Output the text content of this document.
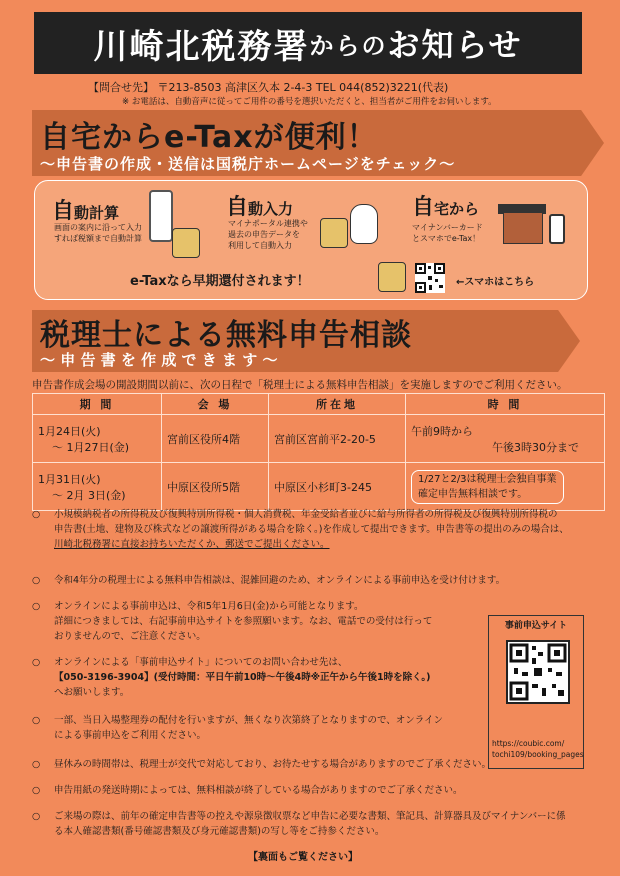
川崎北税務署 からの お知らせ
【問合せ先】 〒213-8503 高津区久本 2-4-3 TEL 044(852)3221(代表)
※ お電話は、自動音声に従ってご用件の番号を選択いただくと、担当者がご用件をお伺いします。
自宅からe-Taxが便利！
〜申告書の作成・送信は国税庁ホームページをチェック〜
自動計算
画面の案内に沿って入力
すれば税額まで自動計算
自動入力
マイナポータル連携や
過去の申告データを
利用して自動入力
自宅から
マイナンバーカード
とスマホでe-Tax！
e-Taxなら早期還付されます！	←スマホはこちら
税理士による無料申告相談
〜 申 告 書 を 作 成 で き ま す 〜
申告書作成会場の開設期間以前に、次の日程で「税理士による無料申告相談」を実施しますのでご利用ください。
期 間	会 場	所在地	時 間
1月24日(火)
〜 1月27日(金)	宮前区役所4階	宮前区宮前平2-20-5	午前9時から
午後3時30分まで

1月31日(火)
〜 2月 3日(金)	中原区役所5階	中原区小杉町3-245	1/27と2/3は税理士会独自事業
確定申告無料相談です。
○ 小規模納税者の所得税及び復興特別所得税・個人消費税、年金受給者並びに給与所得者の所得税及び復興特別所得税の
申告書(土地、建物及び株式などの譲渡所得がある場合を除く。)を作成して提出できます。申告書等の提出のみの場合は、
川崎北税務署に直接お持ちいただくか、郵送でご提出ください。
○ 令和4年分の税理士による無料申告相談は、混雑回避のため、オンラインによる事前申込を受け付けます。
○ オンラインによる事前申込は、令和5年1月6日(金)から可能となります。
詳細につきましては、右記事前申込サイトを参照願います。なお、電話での受付は行って
おりませんので、ご注意ください。
○ オンラインによる「事前申込サイト」についてのお問い合わせ先は、
【050-3196-3904】(受付時間：平日午前10時〜午後4時※正午から午後1時を除く。)
へお願いします。
○ 一部、当日入場整理券の配付を行いますが、無くなり次第終了となりますので、オンライン
による事前申込をご利用ください。
○ 昼休みの時間帯は、税理士が交代で対応しており、お待たせする場合がありますのでご了承ください。
○ 申告用紙の発送時期によっては、無料相談が終了している場合がありますのでご了承ください。
○ ご来場の際は、前年の確定申告書等の控えや源泉徴収票など申告に必要な書類、筆記具、計算器具及びマイナンバーに係
る本人確認書類(番号確認書類及び身元確認書類)の写し等をご持参ください。
事前申込サイト
https://coubic.com/
tochi109/booking_pages
【裏面もご覧ください】
